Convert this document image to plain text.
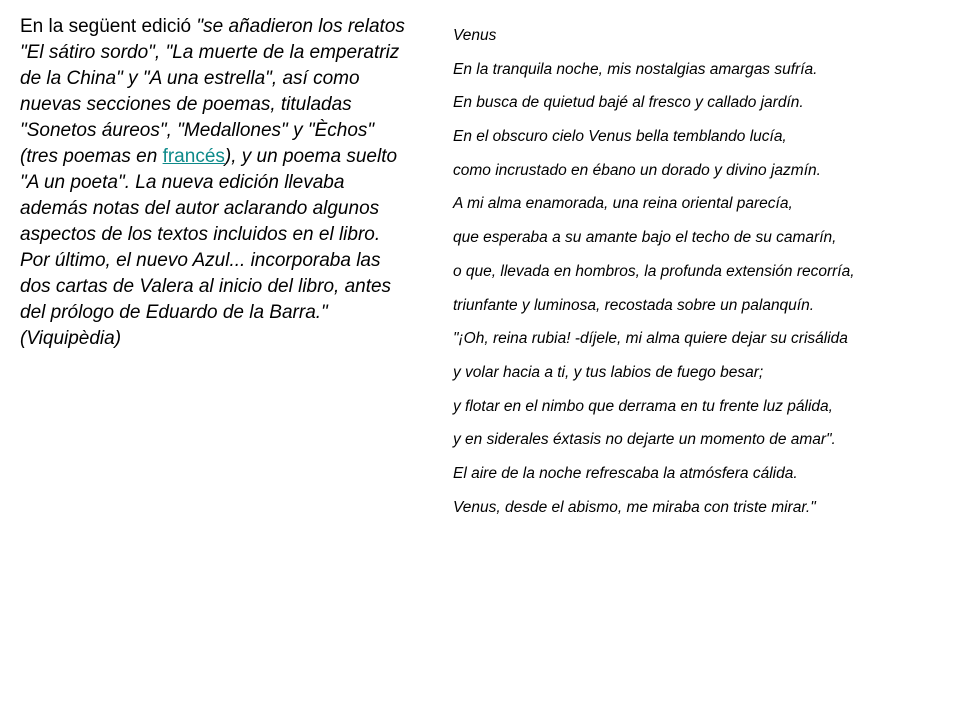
En la següent edició "se añadieron los relatos "El sátiro sordo", "La muerte de la emperatriz de la China" y "A una estrella", así como nuevas secciones de poemas, tituladas "Sonetos áureos", "Medallones" y "Èchos" (tres poemas en francés), y un poema suelto "A un poeta". La nueva edición llevaba además notas del autor aclarando algunos aspectos de los textos incluidos en el libro. Por último, el nuevo Azul... incorporaba las dos cartas de Valera al inicio del libro, antes del prólogo de Eduardo de la Barra."
(Viquipèdia)
Venus
En la tranquila noche, mis nostalgias amargas sufría.
En busca de quietud bajé al fresco y callado jardín.
En el obscuro cielo Venus bella temblando lucía,
como incrustado en ébano un dorado y divino jazmín.
A mi alma enamorada, una reina oriental parecía,
que esperaba a su amante bajo el techo de su camarín,
o que, llevada en hombros, la profunda extensión recorría,
triunfante y luminosa, recostada sobre un palanquín.
"¡Oh, reina rubia! -díjele, mi alma quiere dejar su crisálida
y volar hacia a ti, y tus labios de fuego besar;
y flotar en el nimbo que derrama en tu frente luz pálida,
y en siderales éxtasis no dejarte un momento de amar".
El aire de la noche refrescaba la atmósfera cálida.
Venus, desde el abismo, me miraba con triste mirar."
